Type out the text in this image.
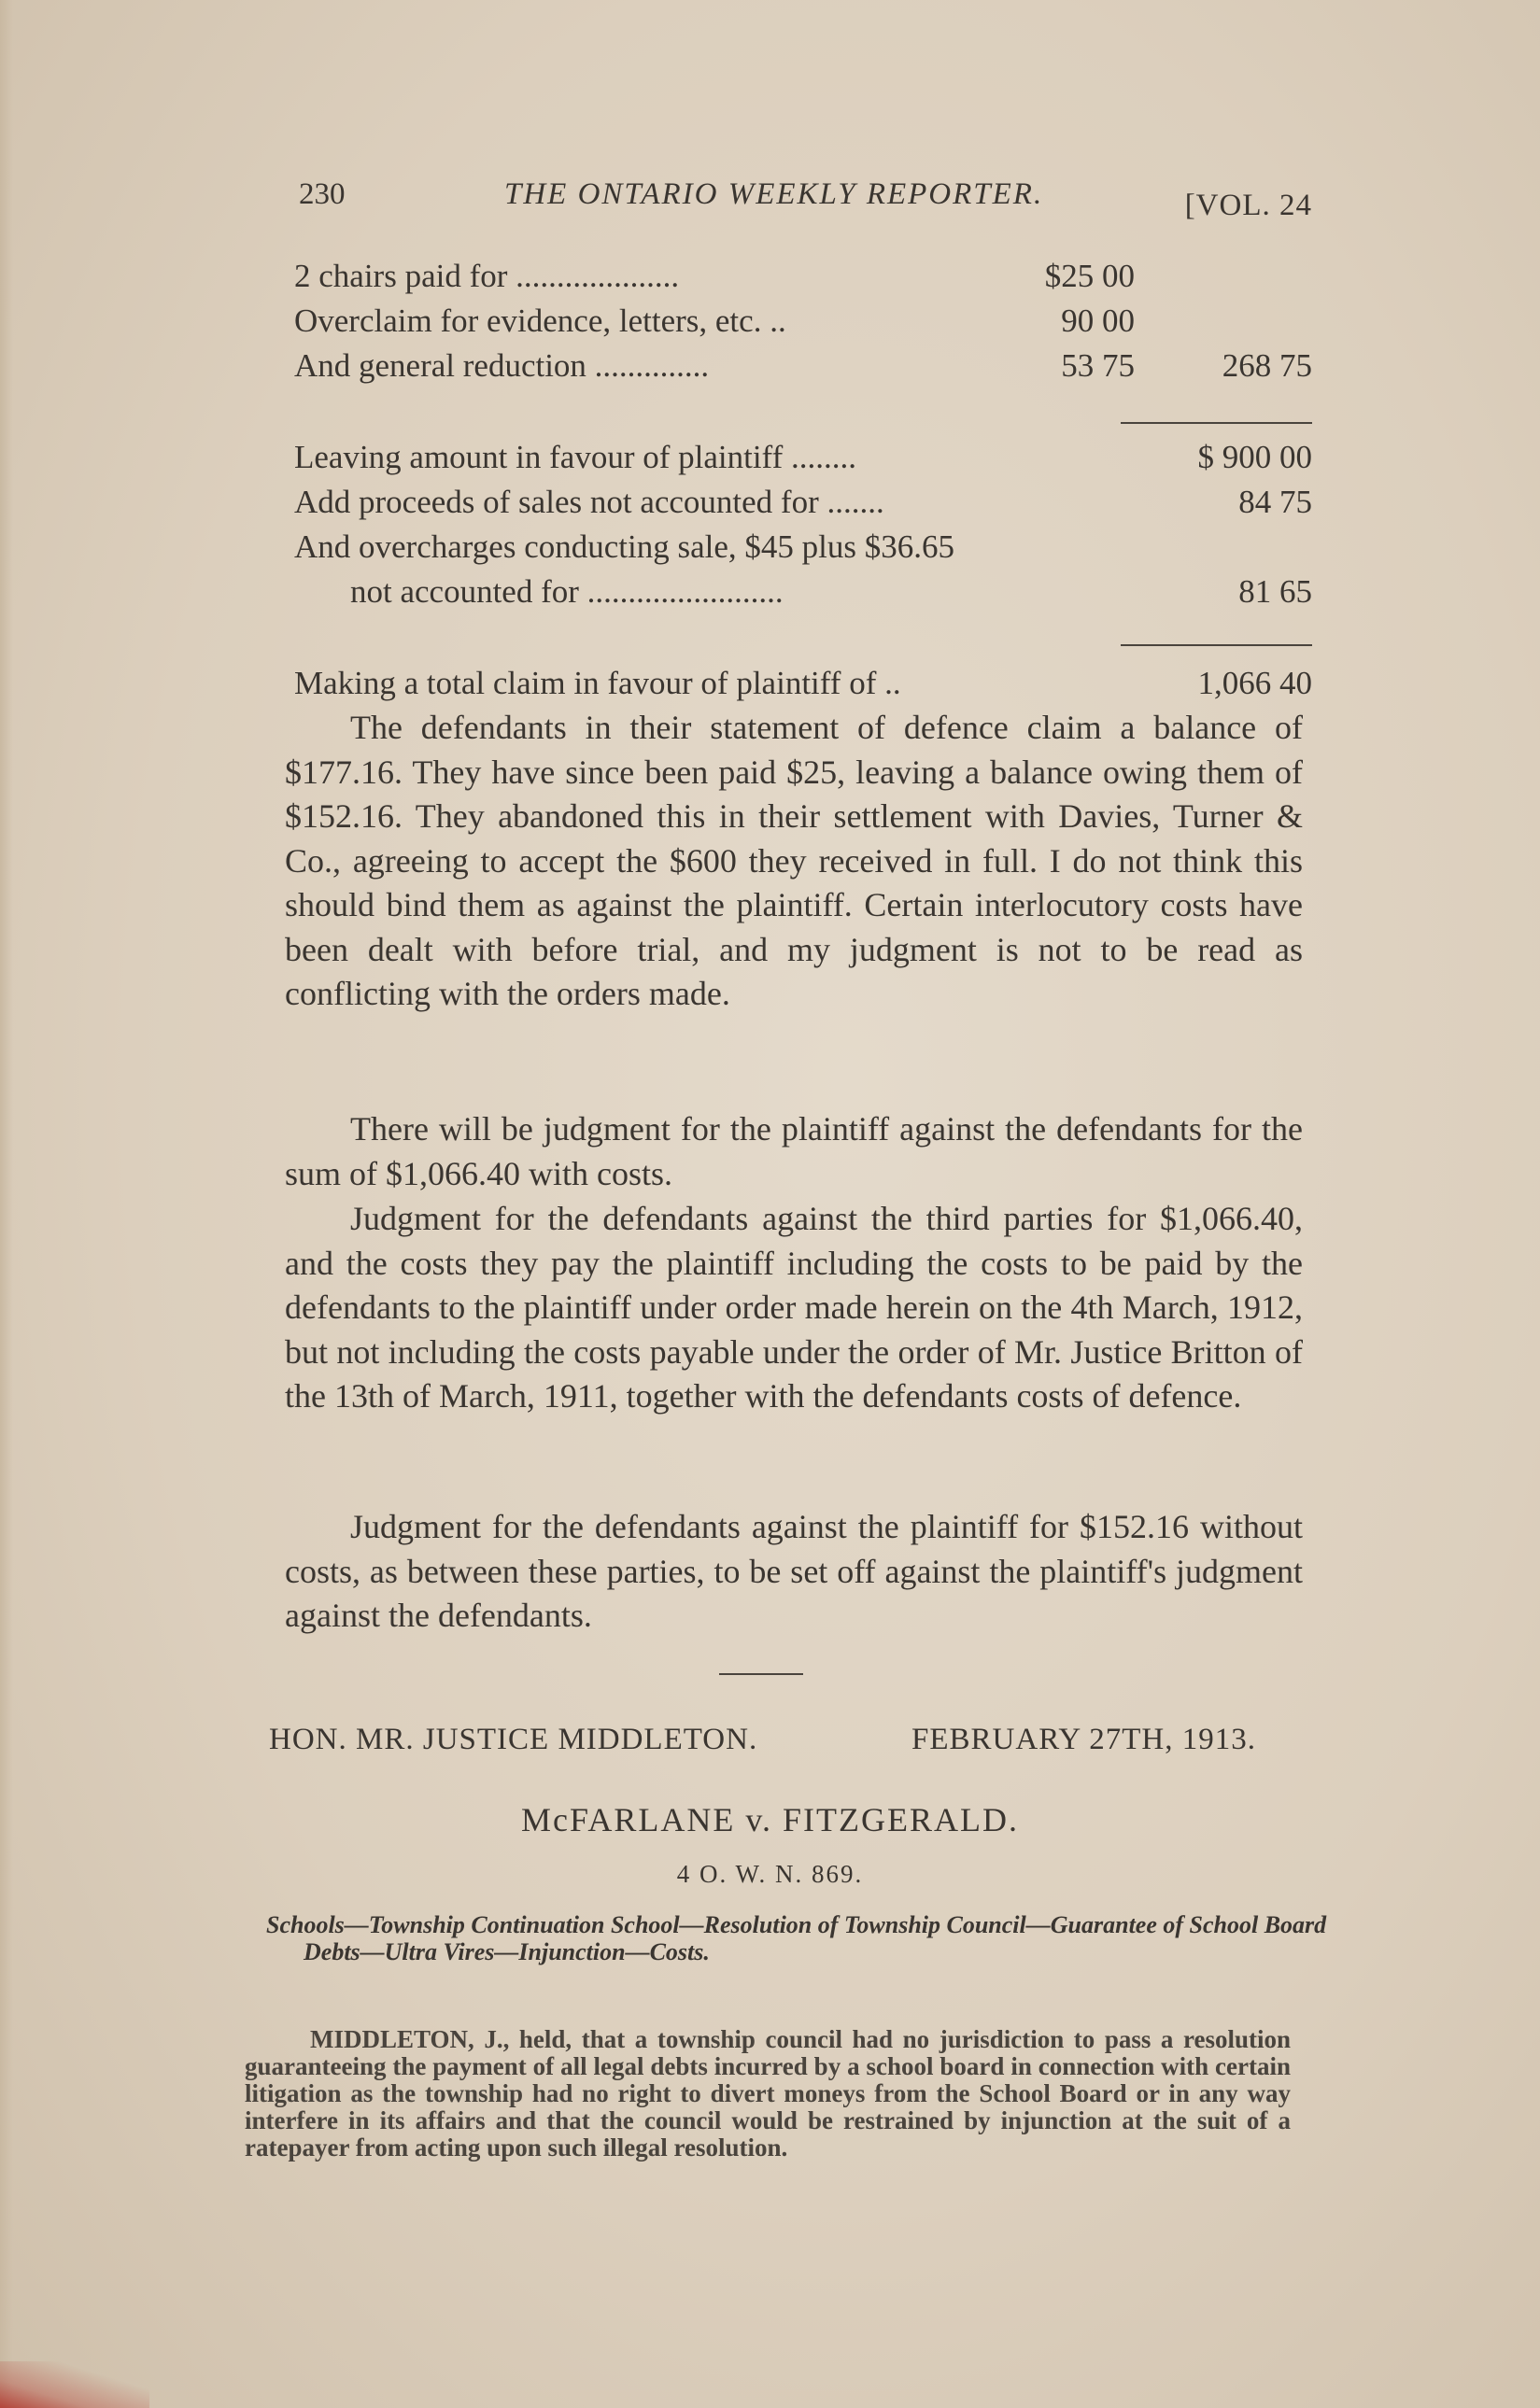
230	THE ONTARIO WEEKLY REPORTER.	[VOL. 24
2 chairs paid for ....................	$25 00
Overclaim for evidence, letters, etc. ..	90 00
And general reduction ..............	53 75	268 75
Leaving amount in favour of plaintiff ........	$ 900 00
Add proceeds of sales not accounted for .......	84 75
And overcharges conducting sale, $45 plus $36.65
not accounted for ........................	81 65
Making a total claim in favour of plaintiff of ..	1,066 40

The defendants in their statement of defence claim a balance of $177.16. They have since been paid $25, leaving a balance owing them of $152.16. They abandoned this in their settlement with Davies, Turner & Co., agreeing to accept the $600 they received in full. I do not think this should bind them as against the plaintiff. Certain interlocutory costs have been dealt with before trial, and my judgment is not to be read as conflicting with the orders made.

There will be judgment for the plaintiff against the defendants for the sum of $1,066.40 with costs.

Judgment for the defendants against the third parties for $1,066.40, and the costs they pay the plaintiff including the costs to be paid by the defendants to the plaintiff under order made herein on the 4th March, 1912, but not including the costs payable under the order of Mr. Justice Britton of the 13th of March, 1911, together with the defendants costs of defence.

Judgment for the defendants against the plaintiff for $152.16 without costs, as between these parties, to be set off against the plaintiff's judgment against the defendants.

HON. MR. JUSTICE MIDDLETON.	FEBRUARY 27TH, 1913.
McFARLANE v. FITZGERALD.
4 O. W. N. 869.

Schools—Township Continuation School—Resolution of Township Council—Guarantee of School Board Debts—Ultra Vires—Injunction—Costs.

MIDDLETON, J., held, that a township council had no jurisdiction to pass a resolution guaranteeing the payment of all legal debts incurred by a school board in connection with certain litigation as the township had no right to divert moneys from the School Board or in any way interfere in its affairs and that the council would be restrained by injunction at the suit of a ratepayer from acting upon such illegal resolution.
